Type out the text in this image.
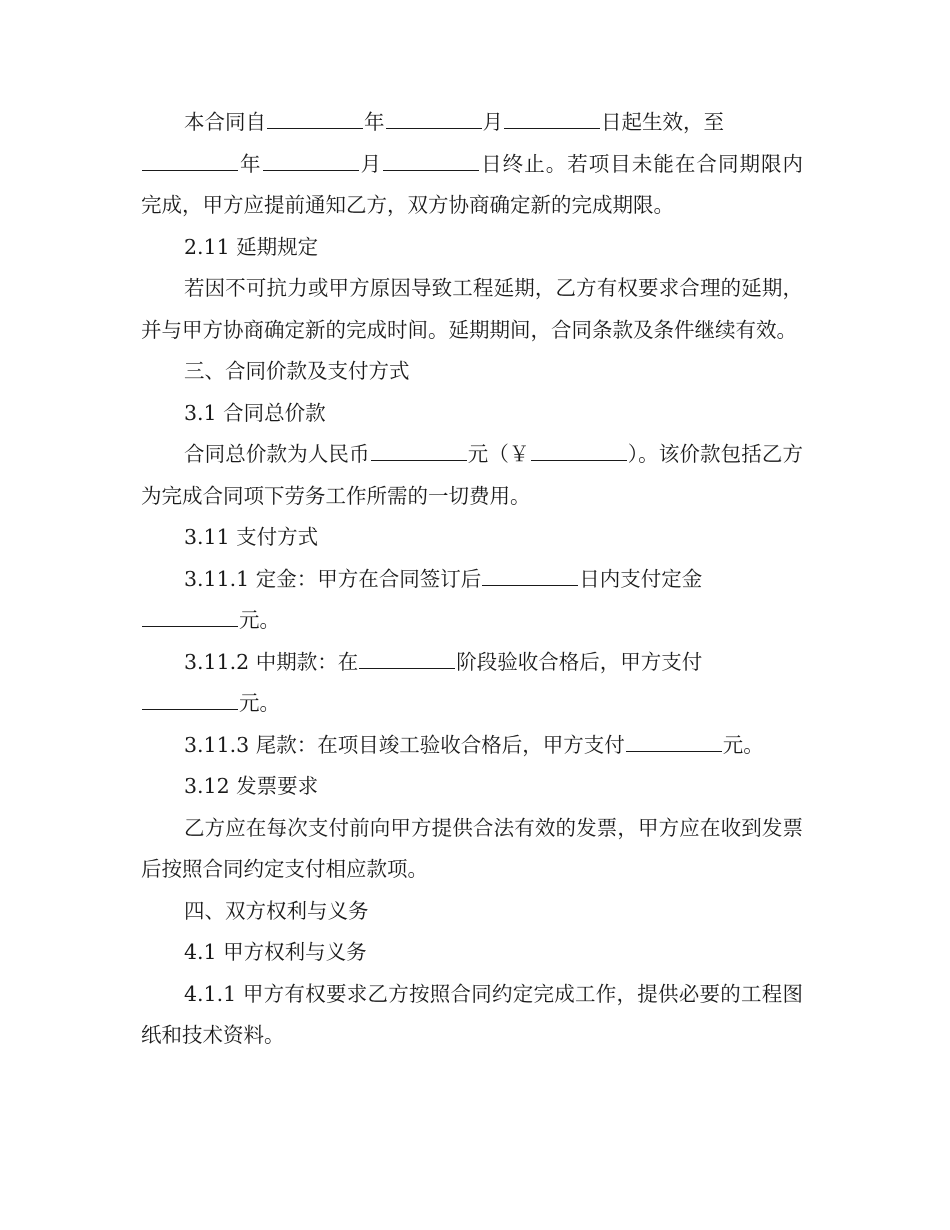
本合同自	年	月	日起生效，至

年	月	日终止。若项目未能在合同期限内完成，甲方应提前通知乙方，双方协商确定新的完成期限。

2.11 延期规定

若因不可抗力或甲方原因导致工程延期，乙方有权要求合理的延期，并与甲方协商确定新的完成时间。延期期间，合同条款及条件继续有效。

三、合同价款及支付方式

3.1 合同总价款

合同总价款为人民币	元（￥	）。该价款包括乙方为完成合同项下劳务工作所需的一切费用。

3.11 支付方式

3.11.1 定金：甲方在合同签订后	日内支付定金

元。

3.11.2 中期款：在	阶段验收合格后，甲方支付

元。

3.11.3 尾款：在项目竣工验收合格后，甲方支付	元。

3.12 发票要求

乙方应在每次支付前向甲方提供合法有效的发票，甲方应在收到发票后按照合同约定支付相应款项。

四、双方权利与义务

4.1 甲方权利与义务

4.1.1 甲方有权要求乙方按照合同约定完成工作，提供必要的工程图纸和技术资料。
